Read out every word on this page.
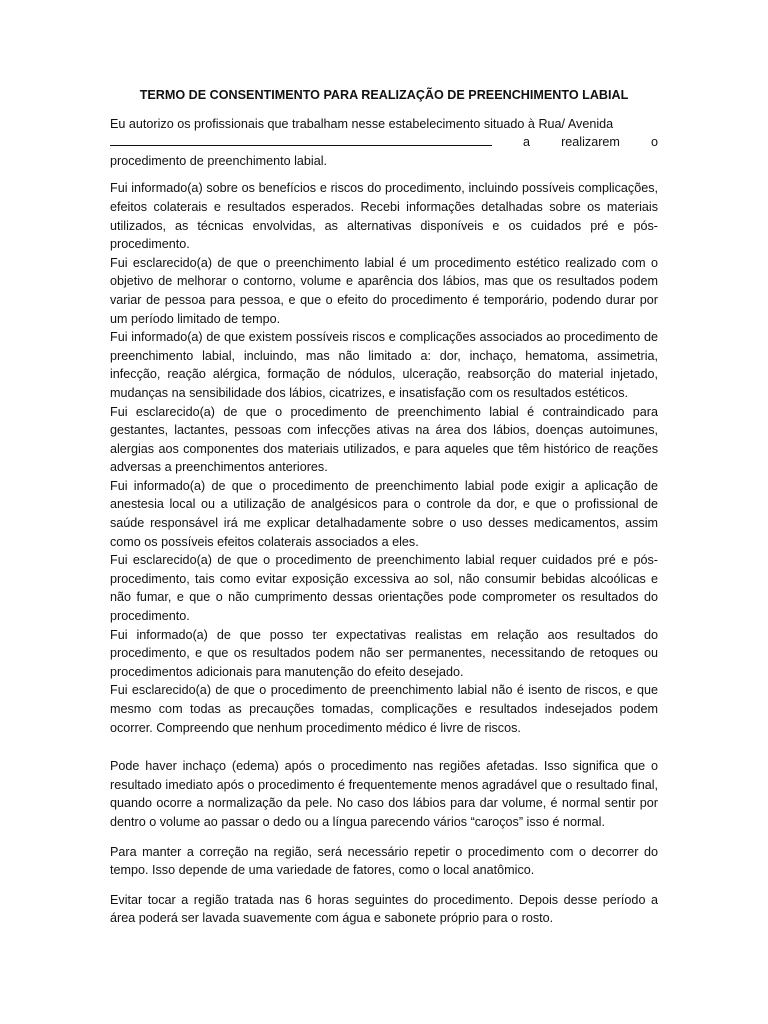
TERMO DE CONSENTIMENTO PARA REALIZAÇÃO DE PREENCHIMENTO LABIAL

Eu autorizo os profissionais que trabalham nesse estabelecimento situado à Rua/ Avenida

a realizarem o

procedimento de preenchimento labial.

Fui informado(a) sobre os benefícios e riscos do procedimento, incluindo possíveis complicações, efeitos colaterais e resultados esperados. Recebi informações detalhadas sobre os materiais utilizados, as técnicas envolvidas, as alternativas disponíveis e os cuidados pré e pós-procedimento.

Fui esclarecido(a) de que o preenchimento labial é um procedimento estético realizado com o objetivo de melhorar o contorno, volume e aparência dos lábios, mas que os resultados podem variar de pessoa para pessoa, e que o efeito do procedimento é temporário, podendo durar por um período limitado de tempo.

Fui informado(a) de que existem possíveis riscos e complicações associados ao procedimento de preenchimento labial, incluindo, mas não limitado a: dor, inchaço, hematoma, assimetria, infecção, reação alérgica, formação de nódulos, ulceração, reabsorção do material injetado, mudanças na sensibilidade dos lábios, cicatrizes, e insatisfação com os resultados estéticos.

Fui esclarecido(a) de que o procedimento de preenchimento labial é contraindicado para gestantes, lactantes, pessoas com infecções ativas na área dos lábios, doenças autoimunes, alergias aos componentes dos materiais utilizados, e para aqueles que têm histórico de reações adversas a preenchimentos anteriores.

Fui informado(a) de que o procedimento de preenchimento labial pode exigir a aplicação de anestesia local ou a utilização de analgésicos para o controle da dor, e que o profissional de saúde responsável irá me explicar detalhadamente sobre o uso desses medicamentos, assim como os possíveis efeitos colaterais associados a eles.

Fui esclarecido(a) de que o procedimento de preenchimento labial requer cuidados pré e pós-procedimento, tais como evitar exposição excessiva ao sol, não consumir bebidas alcoólicas e não fumar, e que o não cumprimento dessas orientações pode comprometer os resultados do procedimento.

Fui informado(a) de que posso ter expectativas realistas em relação aos resultados do procedimento, e que os resultados podem não ser permanentes, necessitando de retoques ou procedimentos adicionais para manutenção do efeito desejado.

Fui esclarecido(a) de que o procedimento de preenchimento labial não é isento de riscos, e que mesmo com todas as precauções tomadas, complicações e resultados indesejados podem ocorrer. Compreendo que nenhum procedimento médico é livre de riscos.

Pode haver inchaço (edema) após o procedimento nas regiões afetadas. Isso significa que o resultado imediato após o procedimento é frequentemente menos agradável que o resultado final, quando ocorre a normalização da pele. No caso dos lábios para dar volume, é normal sentir por dentro o volume ao passar o dedo ou a língua parecendo vários “caroços” isso é normal.

Para manter a correção na região, será necessário repetir o procedimento com o decorrer do tempo. Isso depende de uma variedade de fatores, como o local anatômico.

Evitar tocar a região tratada nas 6 horas seguintes do procedimento. Depois desse período a área poderá ser lavada suavemente com água e sabonete próprio para o rosto.
